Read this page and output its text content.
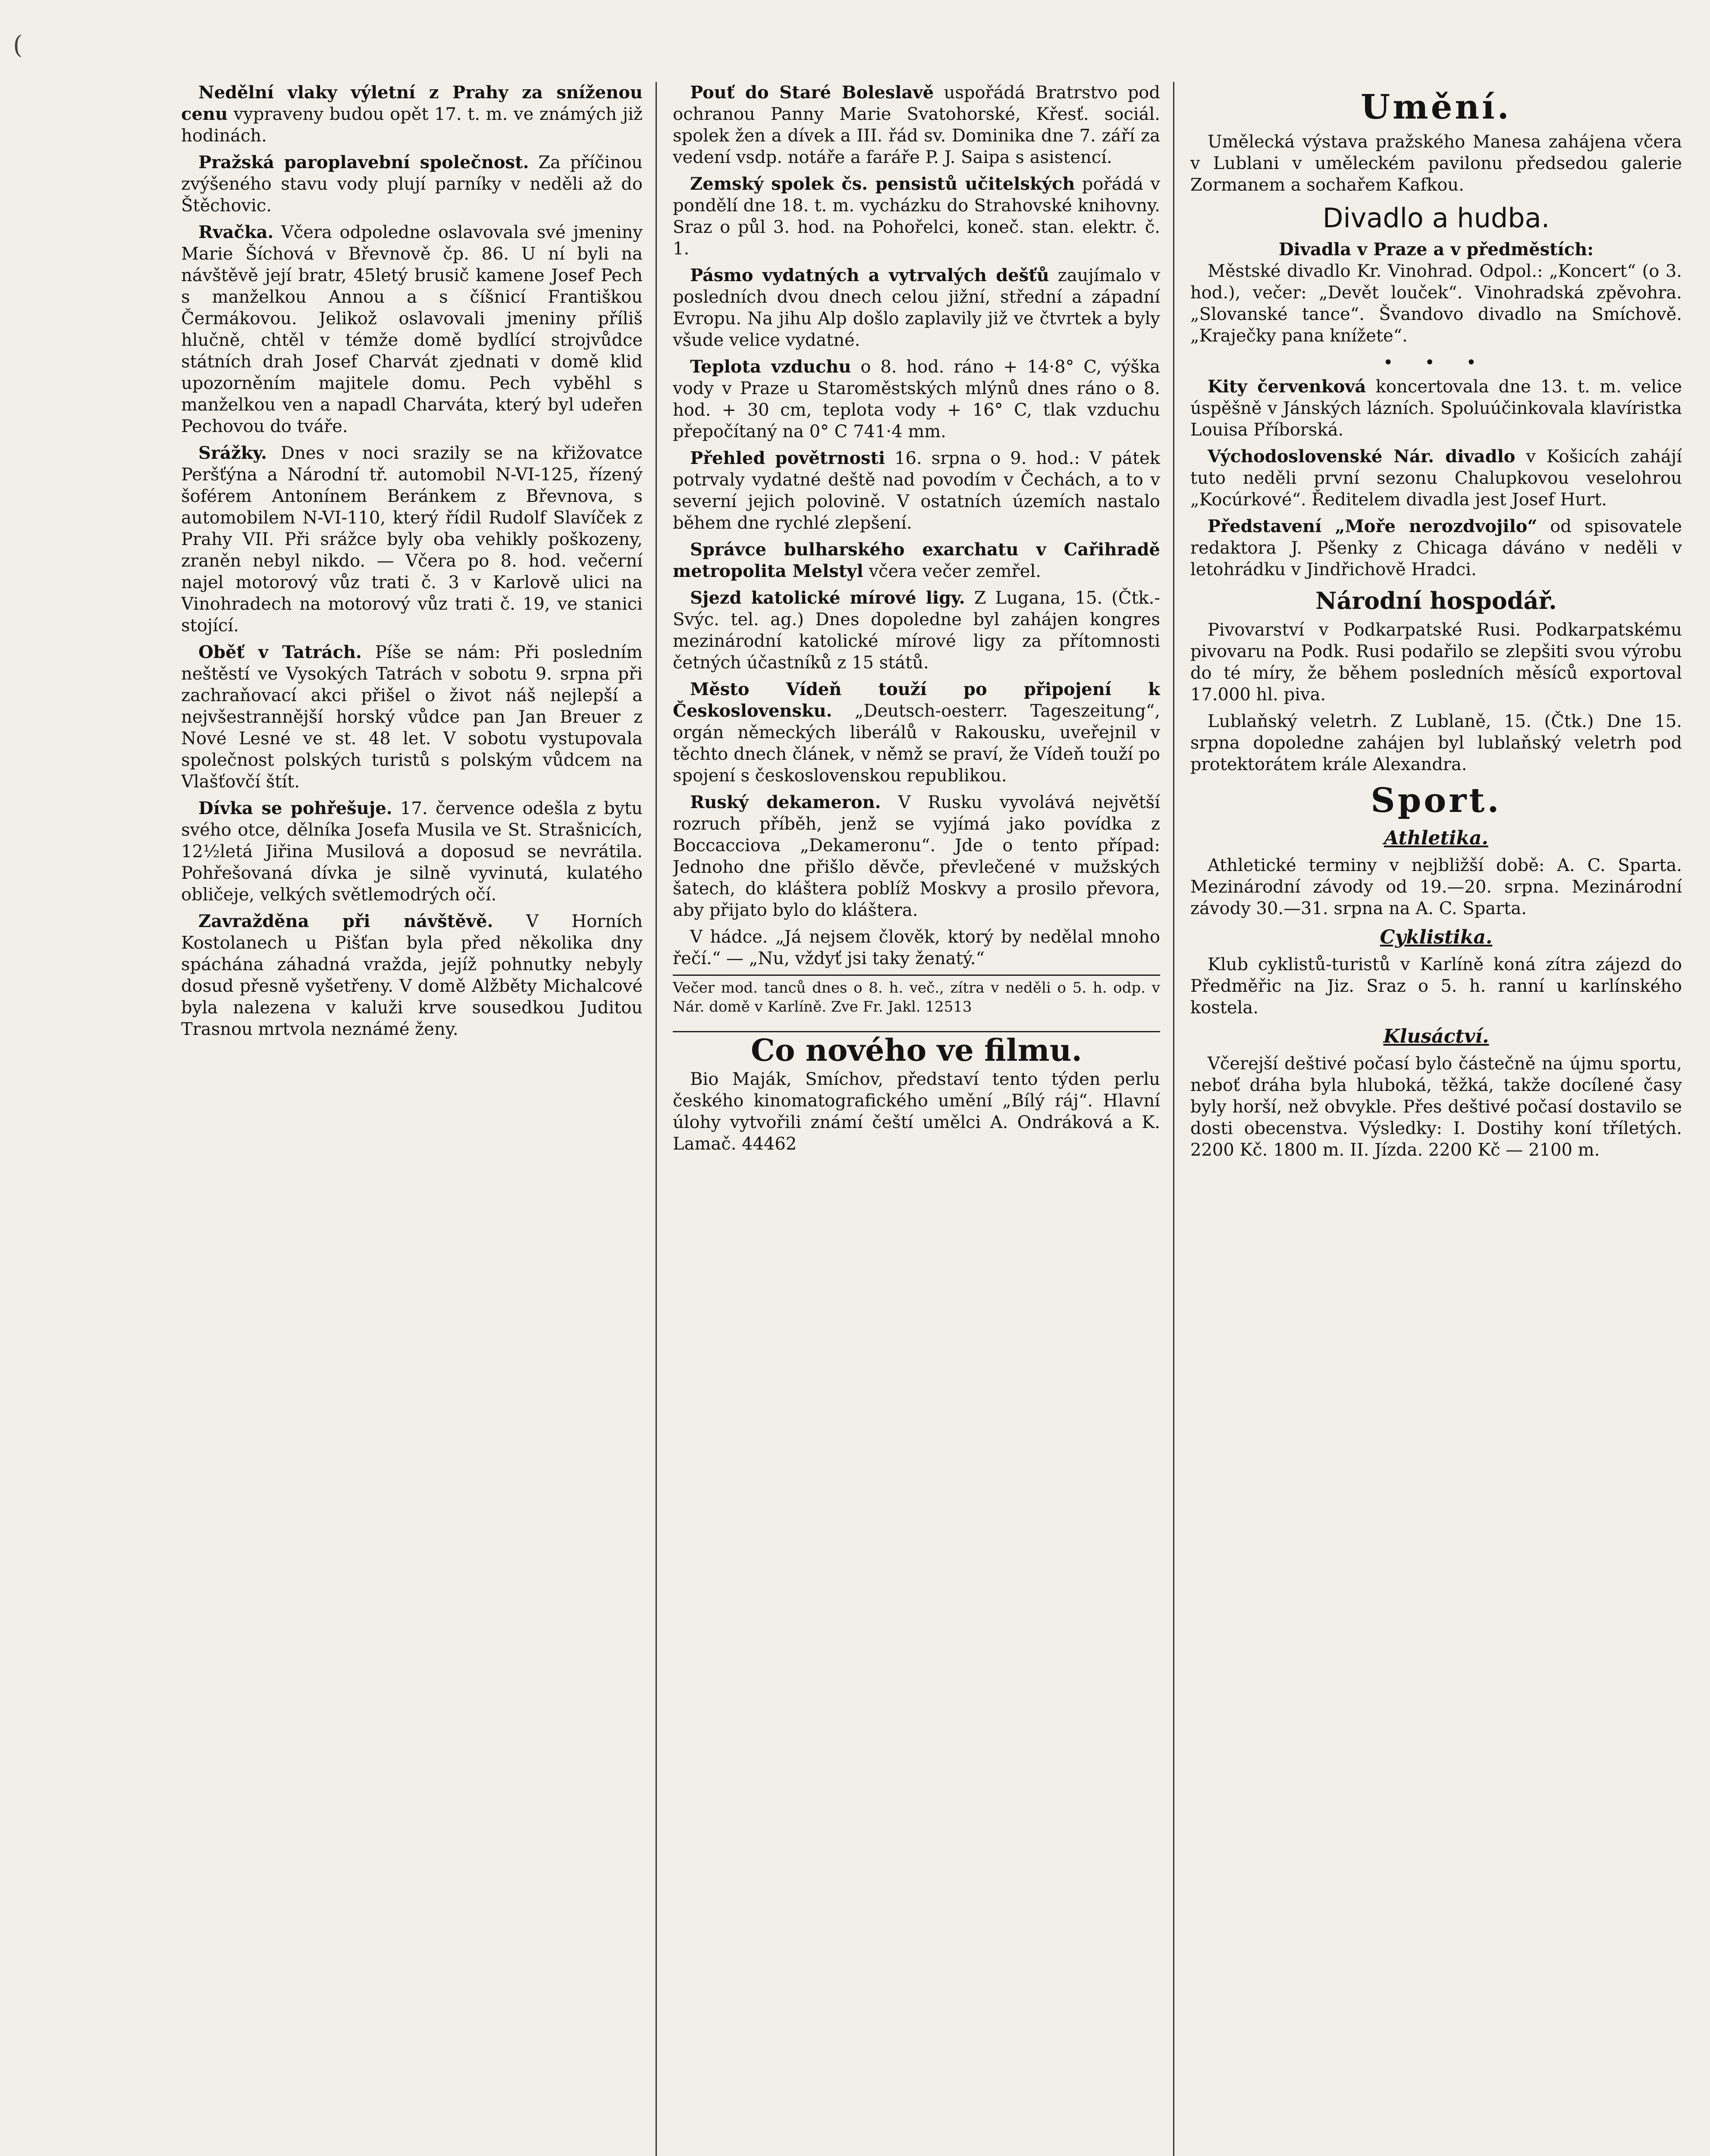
(

Nedělní vlaky výletní z Prahy za sníženou cenu vypraveny budou opět 17. t. m. ve známých již hodinách.

Pražská paroplavební společnost. Za příčinou zvýšeného stavu vody plují parníky v neděli až do Štěchovic.

Rvačka. Včera odpoledne oslavovala své jmeniny Marie Šíchová v Břevnově čp. 86. U ní byli na návštěvě její bratr, 45letý brusič kamene Josef Pech s manželkou Annou a s číšnicí Františkou Čermákovou. Jelikož oslavovali jmeniny příliš hlučně, chtěl v témže domě bydlící strojvůdce státních drah Josef Charvát zjednati v domě klid upozorněním majitele domu. Pech vyběhl s manželkou ven a napadl Charváta, který byl udeřen Pechovou do tváře.

Srážky. Dnes v noci srazily se na křižovatce Peršťýna a Národní tř. automobil N-VI-125, řízený šoférem Antonínem Beránkem z Břevnova, s automobilem N-VI-110, který řídil Rudolf Slavíček z Prahy VII. Při srážce byly oba vehikly poškozeny, zraněn nebyl nikdo. — Včera po 8. hod. večerní najel motorový vůz trati č. 3 v Karlově ulici na Vinohradech na motorový vůz trati č. 19, ve stanici stojící.

Oběť v Tatrách. Píše se nám: Při posledním neštěstí ve Vysokých Tatrách v sobotu 9. srpna při zachraňovací akci přišel o život náš nejlepší a nejvšestrannější horský vůdce pan Jan Breuer z Nové Lesné ve st. 48 let. V sobotu vystupovala společnost polských turistů s polským vůdcem na Vlašťovčí štít.

Dívka se pohřešuje. 17. července odešla z bytu svého otce, dělníka Josefa Musila ve St. Strašnicích, 12½letá Jiřina Musilová a doposud se nevrátila. Pohřešovaná dívka je silně vyvinutá, kulatého obličeje, velkých světlemodrých očí.

Zavražděna při návštěvě. V Horních Kostolanech u Pišťan byla před několika dny spáchána záhadná vražda, jejíž pohnutky nebyly dosud přesně vyšetřeny. V domě Alžběty Michalcové byla nalezena v kaluži krve sousedkou Juditou Trasnou mrtvola neznámé ženy.

Pouť do Staré Boleslavě uspořádá Bratrstvo pod ochranou Panny Marie Svatohorské, Křesť. sociál. spolek žen a dívek a III. řád sv. Dominika dne 7. září za vedení vsdp. notáře a faráře P. J. Saipa s asistencí.

Zemský spolek čs. pensistů učitelských pořádá v pondělí dne 18. t. m. vycházku do Strahovské knihovny. Sraz o půl 3. hod. na Pohořelci, koneč. stan. elektr. č. 1.

Pásmo vydatných a vytrvalých dešťů zaujímalo v posledních dvou dnech celou jižní, střední a západní Evropu. Na jihu Alp došlo zaplavily již ve čtvrtek a byly všude velice vydatné.

Teplota vzduchu o 8. hod. ráno + 14·8° C, výška vody v Praze u Staroměstských mlýnů dnes ráno o 8. hod. + 30 cm, teplota vody + 16° C, tlak vzduchu přepočítaný na 0° C 741·4 mm.

Přehled povětrnosti 16. srpna o 9. hod.: V pátek potrvaly vydatné deště nad povodím v Čechách, a to v severní jejich polovině. V ostatních územích nastalo během dne rychlé zlepšení.

Správce bulharského exarchatu v Cařihradě metropolita Melstyl včera večer zemřel.

Sjezd katolické mírové ligy. Z Lugana, 15. (Čtk.-Svýc. tel. ag.) Dnes dopoledne byl zahájen kongres mezinárodní katolické mírové ligy za přítomnosti četných účastníků z 15 států.

Město Vídeň touží po připojení k Československu. „Deutsch-oesterr. Tageszeitung“, orgán německých liberálů v Rakousku, uveřejnil v těchto dnech článek, v němž se praví, že Vídeň touží po spojení s československou republikou.

Ruský dekameron. V Rusku vyvolává největší rozruch příběh, jenž se vyjímá jako povídka z Boccacciova „Dekameronu“. Jde o tento případ: Jednoho dne přišlo děvče, převlečené v mužských šatech, do kláštera poblíž Moskvy a prosilo převora, aby přijato bylo do kláštera.

V hádce. „Já nejsem člověk, ktorý by nedělal mnoho řečí.“ — „Nu, vždyť jsi taky ženatý.“

Večer mod. tanců dnes o 8. h. več., zítra v neděli o 5. h. odp. v Nár. domě v Karlíně. Zve Fr. Jakl. 12513

Co nového ve filmu.

Bio Maják, Smíchov, představí tento týden perlu českého kinomatografického umění „Bílý ráj“. Hlavní úlohy vytvořili známí čeští umělci A. Ondráková a K. Lamač. 44462

Umění.

Umělecká výstava pražského Manesa zahájena včera v Lublani v uměleckém pavilonu předsedou galerie Zormanem a sochařem Kafkou.

Divadlo a hudba.
Divadla v Praze a v předměstích:

Městské divadlo Kr. Vinohrad. Odpol.: „Koncert“ (o 3. hod.), večer: „Devět louček“. Vinohradská zpěvohra. „Slovanské tance“. Švandovo divadlo na Smíchově. „Kraječky pana knížete“.

• • •

Kity červenková koncertovala dne 13. t. m. velice úspěšně v Jánských lázních. Spoluúčinkovala klavíristka Louisa Příborská.

Východoslovenské Nár. divadlo v Košicích zahájí tuto neděli první sezonu Chalupkovou veselohrou „Kocúrkové“. Ředitelem divadla jest Josef Hurt.

Představení „Moře nerozdvojilo“ od spisovatele redaktora J. Pšenky z Chicaga dáváno v neděli v letohrádku v Jindřichově Hradci.

Národní hospodář.

Pivovarství v Podkarpatské Rusi. Podkarpatskému pivovaru na Podk. Rusi podařilo se zlepšiti svou výrobu do té míry, že během posledních měsíců exportoval 17.000 hl. piva.

Lublaňský veletrh. Z Lublaně, 15. (Čtk.) Dne 15. srpna dopoledne zahájen byl lublaňský veletrh pod protektorátem krále Alexandra.

Sport.
Athletika.

Athletické terminy v nejbližší době: A. C. Sparta. Mezinárodní závody od 19.—20. srpna. Mezinárodní závody 30.—31. srpna na A. C. Sparta.

Cyklistika.

Klub cyklistů-turistů v Karlíně koná zítra zájezd do Předměřic na Jiz. Sraz o 5. h. ranní u karlínského kostela.

Klusáctví.

Včerejší deštivé počasí bylo částečně na újmu sportu, neboť dráha byla hluboká, těžká, takže docílené časy byly horší, než obvykle. Přes deštivé počasí dostavilo se dosti obecenstva. Výsledky: I. Dostihy koní tříletých. 2200 Kč. 1800 m. II. Jízda. 2200 Kč — 2100 m.
